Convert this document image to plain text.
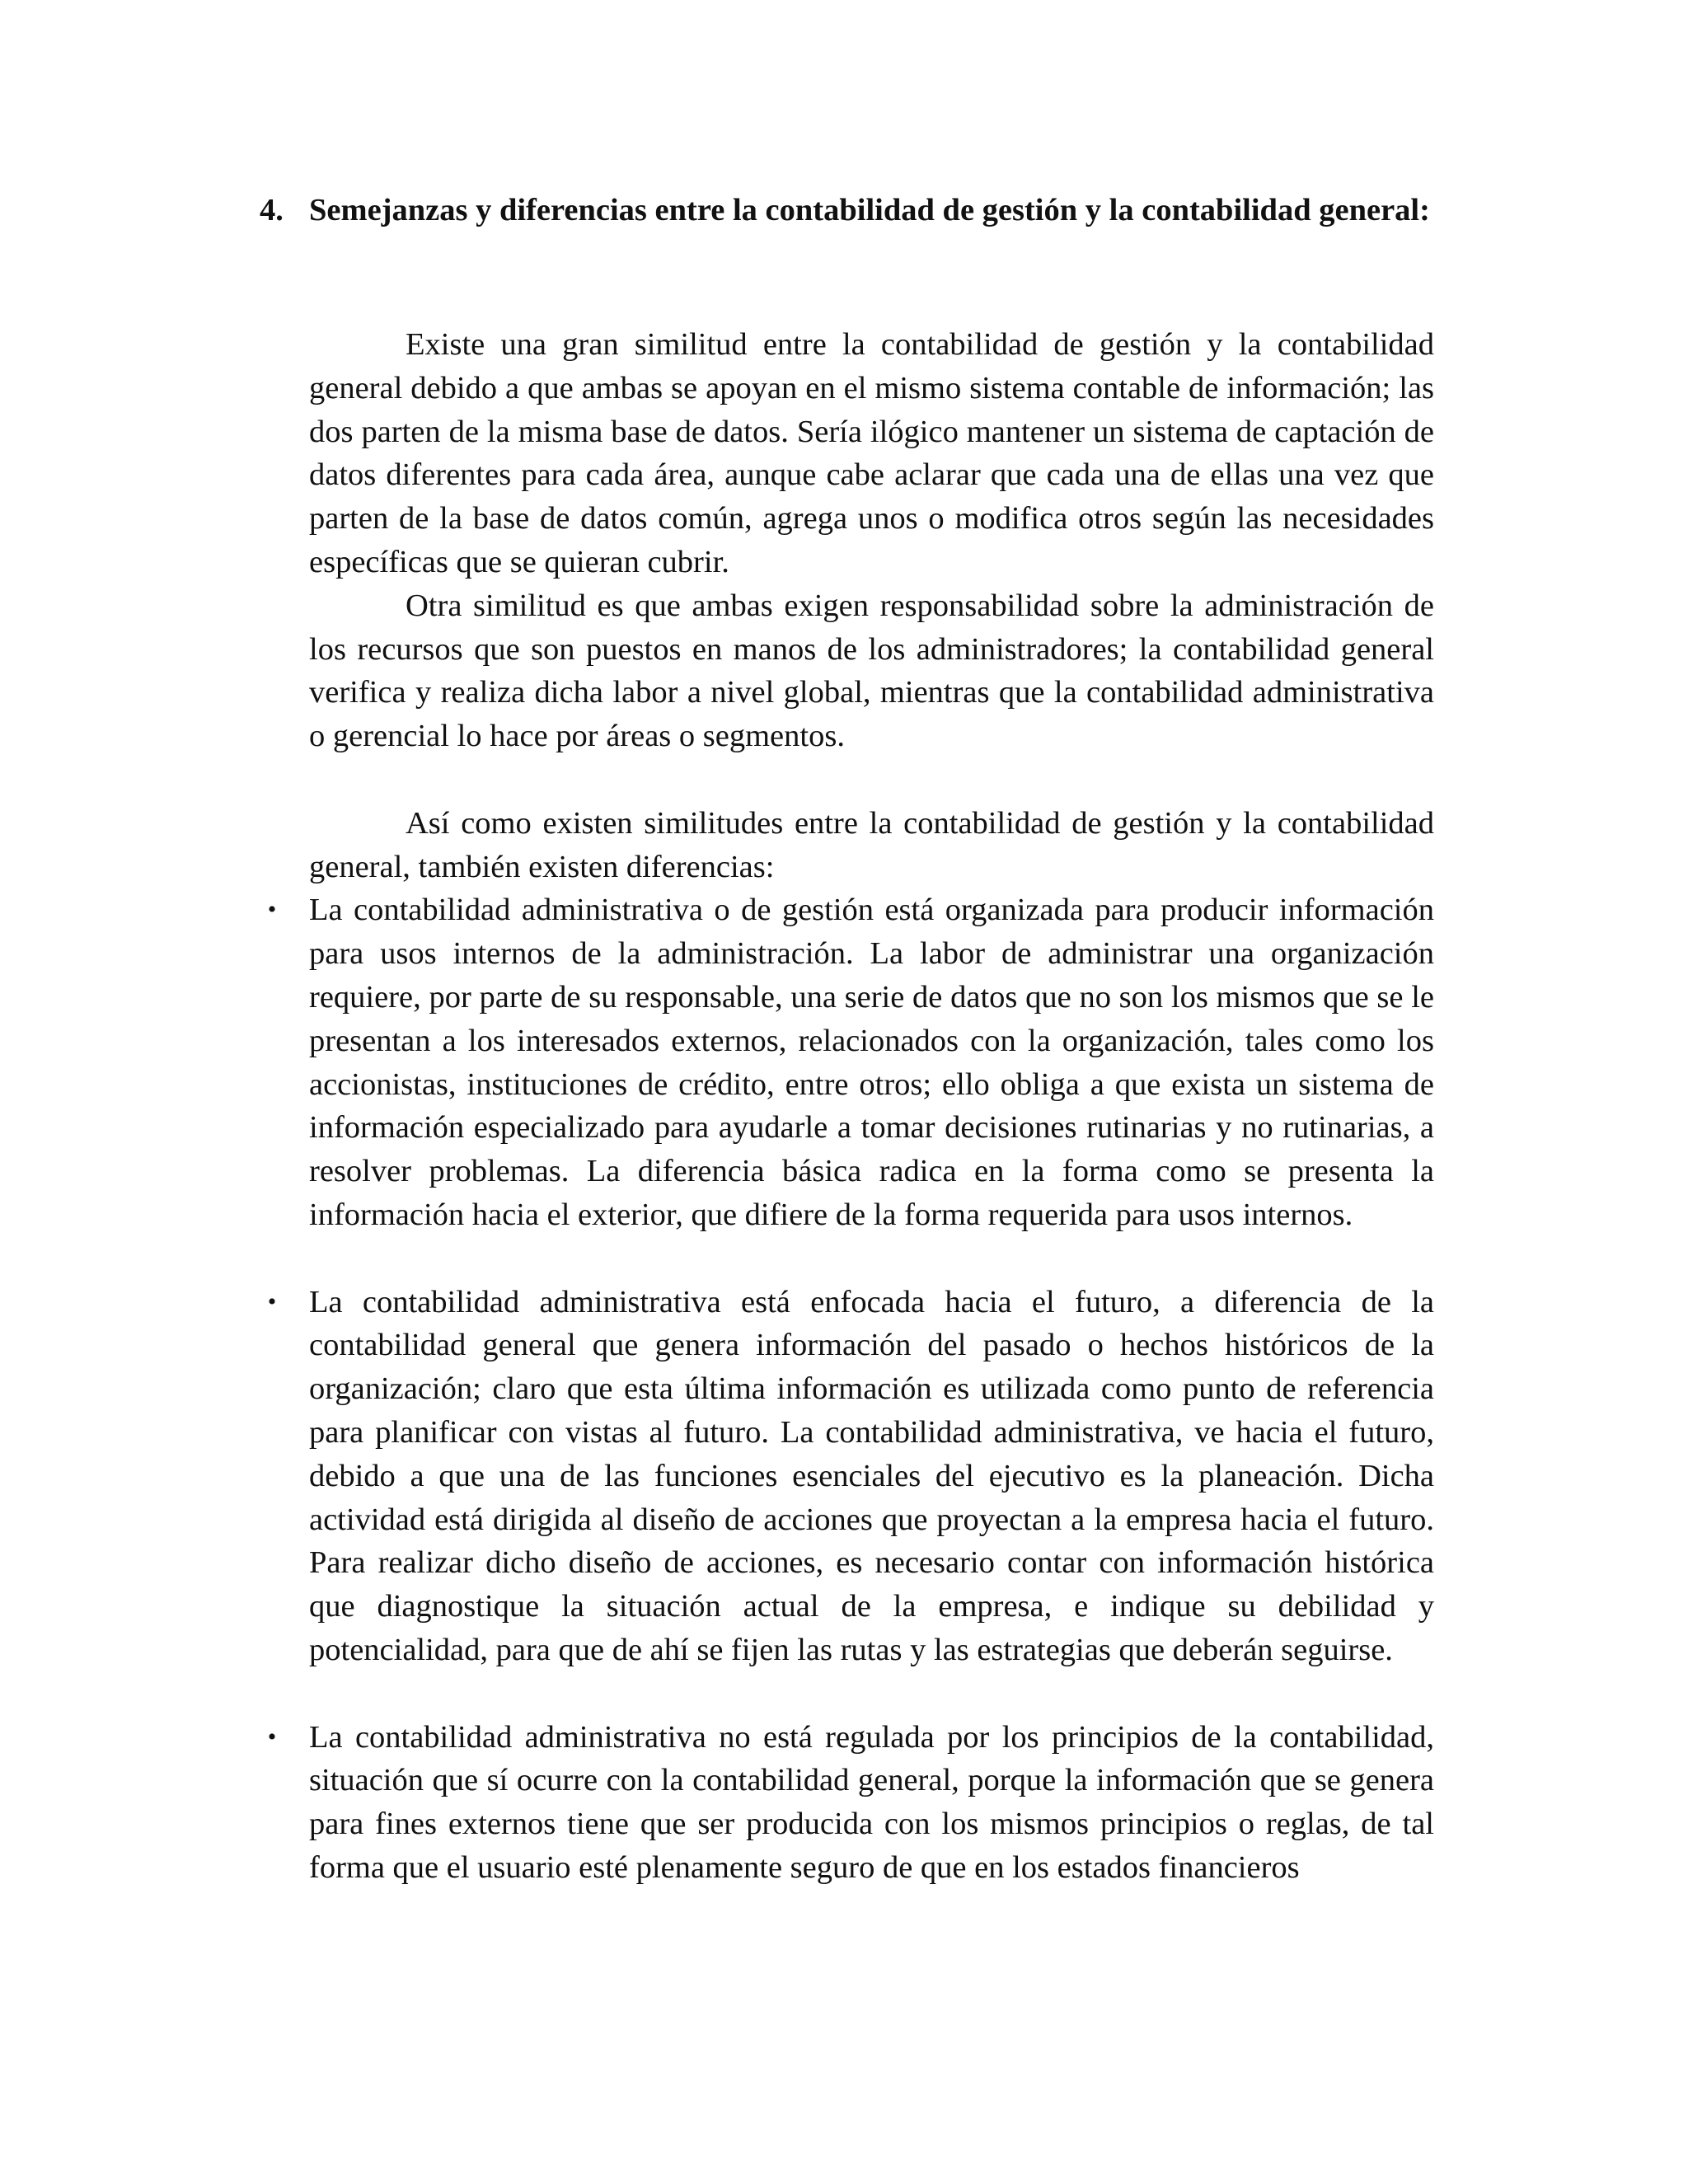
4. Semejanzas y diferencias entre la contabilidad de gestión y la contabilidad general:

Existe una gran similitud entre la contabilidad de gestión y la contabilidad general debido a que ambas se apoyan en el mismo sistema contable de información; las dos parten de la misma base de datos. Sería ilógico mantener un sistema de captación de datos diferentes para cada área, aunque cabe aclarar que cada una de ellas una vez que parten de la base de datos común, agrega unos o modifica otros según las necesidades específicas que se quieran cubrir.

Otra similitud es que ambas exigen responsabilidad sobre la administración de los recursos que son puestos en manos de los administradores; la contabilidad general verifica y realiza dicha labor a nivel global, mientras que la contabilidad administrativa o gerencial lo hace por áreas o segmentos.

Así como existen similitudes entre la contabilidad de gestión y la contabilidad general, también existen diferencias:

• La contabilidad administrativa o de gestión está organizada para producir información para usos internos de la administración. La labor de administrar una organización requiere, por parte de su responsable, una serie de datos que no son los mismos que se le presentan a los interesados externos, relacionados con la organización, tales como los accionistas, instituciones de crédito, entre otros; ello obliga a que exista un sistema de información especializado para ayudarle a tomar decisiones rutinarias y no rutinarias, a resolver problemas. La diferencia básica radica en la forma como se presenta la información hacia el exterior, que difiere de la forma requerida para usos internos.
• La contabilidad administrativa está enfocada hacia el futuro, a diferencia de la contabilidad general que genera información del pasado o hechos históricos de la organización; claro que esta última información es utilizada como punto de referencia para planificar con vistas al futuro. La contabilidad administrativa, ve hacia el futuro, debido a que una de las funciones esenciales del ejecutivo es la planeación. Dicha actividad está dirigida al diseño de acciones que proyectan a la empresa hacia el futuro. Para realizar dicho diseño de acciones, es necesario contar con información histórica que diagnostique la situación actual de la empresa, e indique su debilidad y potencialidad, para que de ahí se fijen las rutas y las estrategias que deberán seguirse.
• La contabilidad administrativa no está regulada por los principios de la contabilidad, situación que sí ocurre con la contabilidad general, porque la información que se genera para fines externos tiene que ser producida con los mismos principios o reglas, de tal forma que el usuario esté plenamente seguro de que en los estados financieros
